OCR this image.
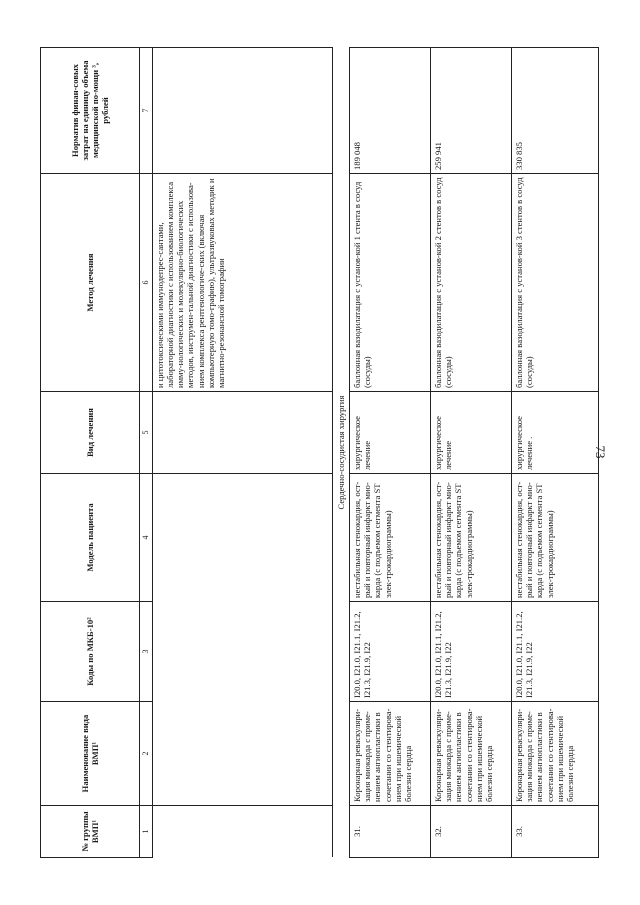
73
№ группы ВМП¹	Наименование вида ВМП¹	Коды по МКБ-10²	Модель пациента	Вид лечения	Метод лечения	Норматив финан-совых затрат на единицу объема медицинской по-мощи ³, рублей
1	2	3	4	5	6	7
					и цитотоксическими иммунодепрес-сантами, лабораторной диагностики с использованием комплекса имму-нологических и молекулярно-биологических методов, инструмен-тальной диагностики с использова-нием комплекса рентгенологиче-ских (включая компьютерную томо-графию), ультразвуковых методик и магнитно-резонансной томографии	
Сердечно-сосудистая хирургия						
31.	Коронарная реваскуляри-зация миокарда с приме-нением ангиопластики в сочетании со стентирова-нием при ишемической болезни сердца	I20.0, I21.0, I21.1, I21.2, I21.3, I21.9, I22	нестабильная стенокардия, ост-рый и повторный инфаркт мио-карда (с подъемом сегмента ST элек-трокардиограммы)	хирургическое лечение	баллонная вазодилатация с установ-кой 1 стента в сосуд (сосуды)	189 048
32.	Коронарная реваскуляри-зация миокарда с приме-нением ангиопластики в сочетании со стентирова-нием при ишемической болезни сердца	I20.0, I21.0, I21.1, I21.2, I21.3, I21.9, I22	нестабильная стенокардия, ост-рый и повторный инфаркт мио-карда (с подъемом сегмента ST элек-трокардиограммы)	хирургическое лечение	баллонная вазодилатация с установ-кой 2 стентов в сосуд (сосуды)	259 941
33.	Коронарная реваскуляри-зация миокарда с приме-нением ангиопластики в сочетании со стентирова-нием при ишемической болезни сердца	I20.0, I21.0, I21.1, I21.2, I21.3, I21.9, I22	нестабильная стенокардия, ост-рый и повторный инфаркт мио-карда (с подъемом сегмента ST элек-трокардиограммы)	хирургическое лечение .	баллонная вазодилатация с установ-кой 3 стентов в сосуд (сосуды)	330 835
